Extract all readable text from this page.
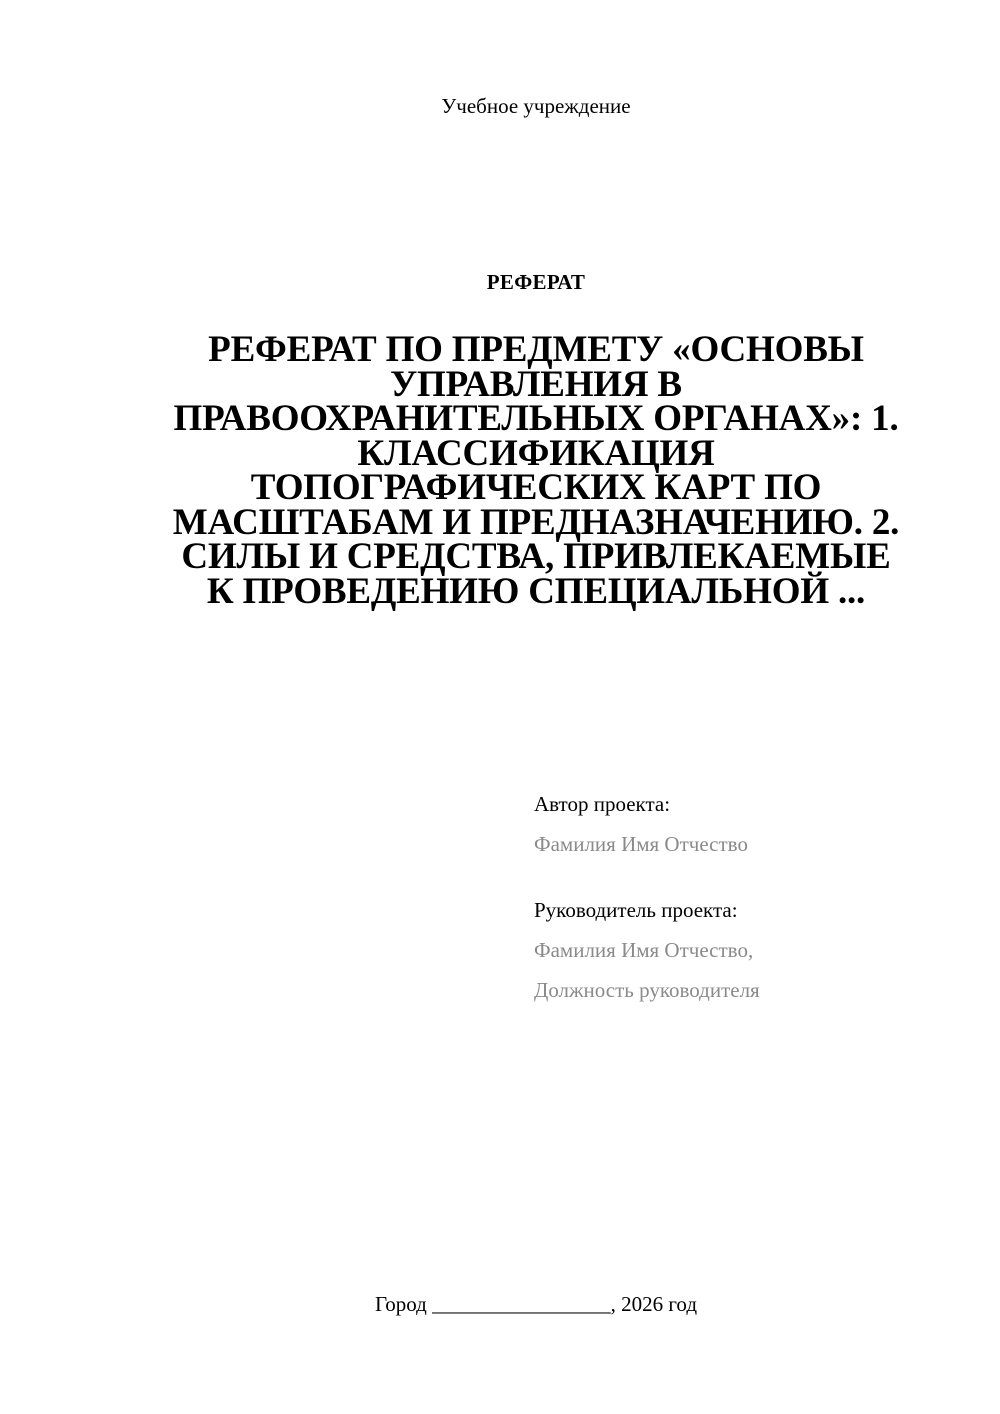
Учебное учреждение
РЕФЕРАТ
РЕФЕРАТ ПО ПРЕДМЕТУ «ОСНОВЫ
УПРАВЛЕНИЯ В
ПРАВООХРАНИТЕЛЬНЫХ ОРГАНАХ»: 1.
КЛАССИФИКАЦИЯ
ТОПОГРАФИЧЕСКИХ КАРТ ПО
МАСШТАБАМ И ПРЕДНАЗНАЧЕНИЮ. 2.
СИЛЫ И СРЕДСТВА, ПРИВЛЕКАЕМЫЕ
К ПРОВЕДЕНИЮ СПЕЦИАЛЬНОЙ ...
Автор проекта:
Фамилия Имя Отчество
Руководитель проекта:
Фамилия Имя Отчество,
Должность руководителя
Город _________________, 2026 год
